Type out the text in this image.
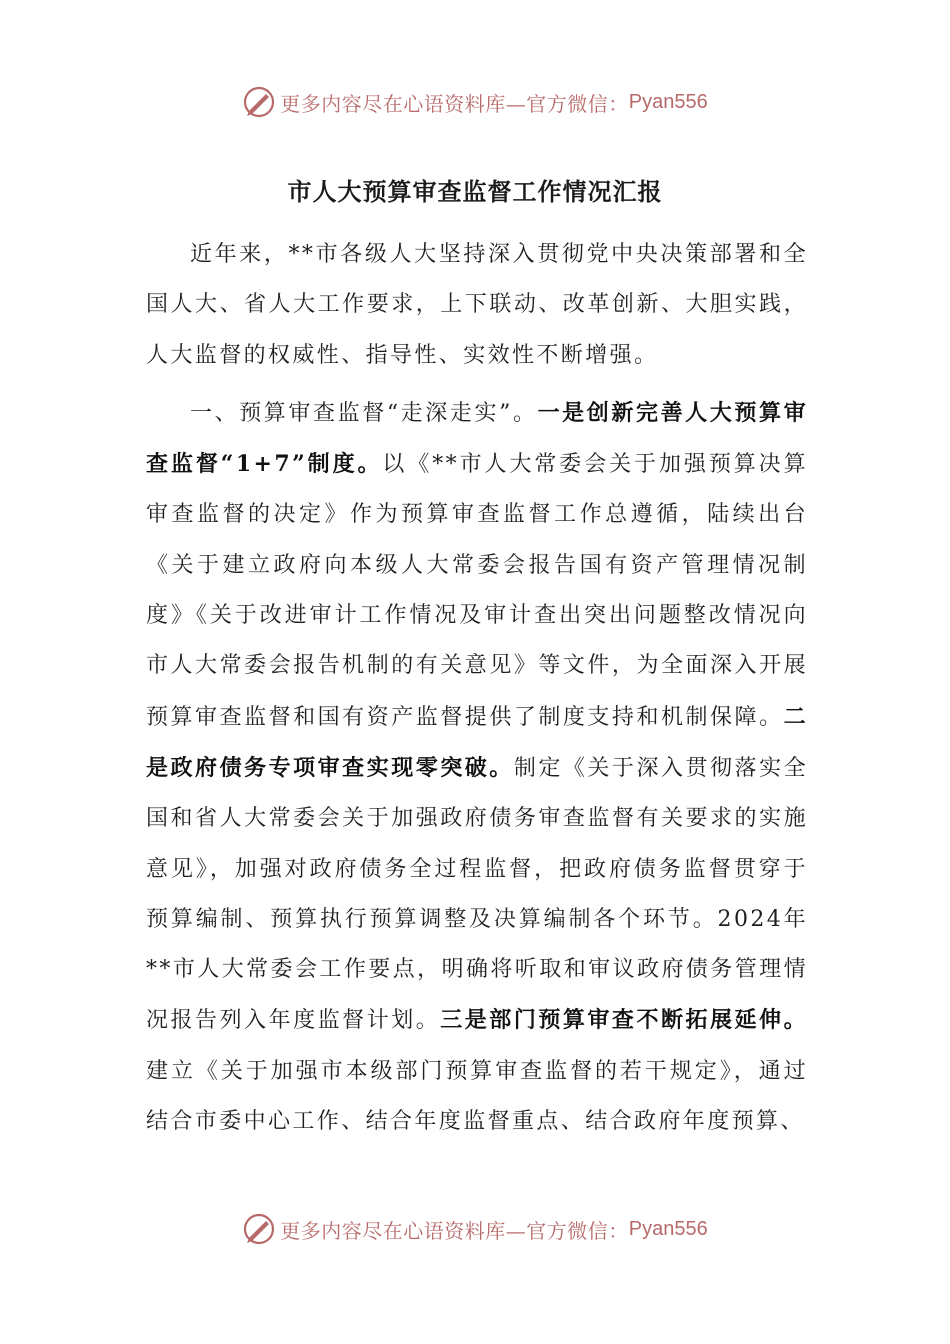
更多内容尽在心语资料库—官方微信： Pyan556
市人大预算审查监督工作情况汇报

近年来，**市各级人大坚持深入贯彻党中央决策部署和全国人大、省人大工作要求，上下联动、改革创新、大胆实践，人大监督的权威性、指导性、实效性不断增强。

一、预算审查监督“走深走实”。一是创新完善人大预算审查监督“1+7”制度。以《**市人大常委会关于加强预算决算审查监督的决定》作为预算审查监督工作总遵循，陆续出台《关于建立政府向本级人大常委会报告国有资产管理情况制度》《关于改进审计工作情况及审计查出突出问题整改情况向市人大常委会报告机制的有关意见》等文件，为全面深入开展预算审查监督和国有资产监督提供了制度支持和机制保障。二是政府债务专项审查实现零突破。制定《关于深入贯彻落实全国和省人大常委会关于加强政府债务审查监督有关要求的实施意见》，加强对政府债务全过程监督，把政府债务监督贯穿于预算编制、预算执行预算调整及决算编制各个环节。2024年**市人大常委会工作要点，明确将听取和审议政府债务管理情况报告列入年度监督计划。三是部门预算审查不断拓展延伸。建立《关于加强市本级部门预算审查监督的若干规定》，通过结合市委中心工作、结合年度监督重点、结合政府年度预算、

更多内容尽在心语资料库—官方微信： Pyan556
